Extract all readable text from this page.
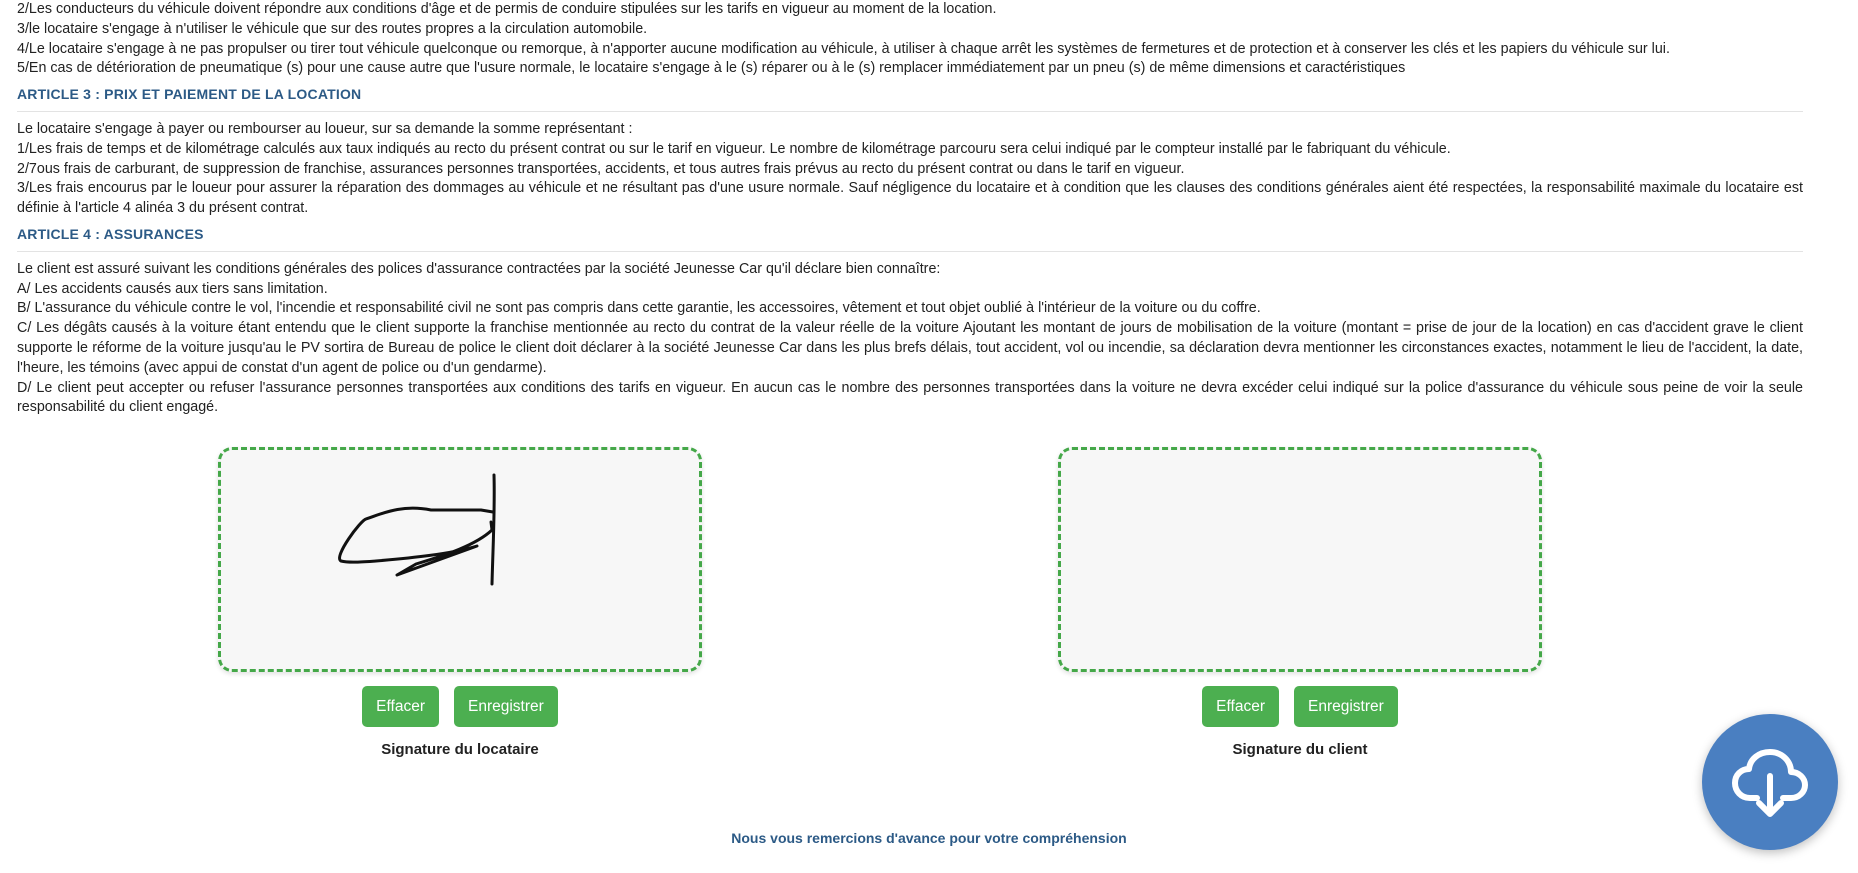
2/Les conducteurs du véhicule doivent répondre aux conditions d'âge et de permis de conduire stipulées sur les tarifs en vigueur au moment de la location.

3/le locataire s'engage à n'utiliser le véhicule que sur des routes propres a la circulation automobile.

4/Le locataire s'engage à ne pas propulser ou tirer tout véhicule quelconque ou remorque, à n'apporter aucune modification au véhicule, à utiliser à chaque arrêt les systèmes de fermetures et de protection et à conserver les clés et les papiers du véhicule sur lui.

5/En cas de détérioration de pneumatique (s) pour une cause autre que l'usure normale, le locataire s'engage à le (s) réparer ou à le (s) remplacer immédiatement par un pneu (s) de même dimensions et caractéristiques

ARTICLE 3 : PRIX ET PAIEMENT DE LA LOCATION

Le locataire s'engage à payer ou rembourser au loueur, sur sa demande la somme représentant :

1/Les frais de temps et de kilométrage calculés aux taux indiqués au recto du présent contrat ou sur le tarif en vigueur. Le nombre de kilométrage parcouru sera celui indiqué par le compteur installé par le fabriquant du véhicule.

2/7ous frais de carburant, de suppression de franchise, assurances personnes transportées, accidents, et tous autres frais prévus au recto du présent contrat ou dans le tarif en vigueur.

3/Les frais encourus par le loueur pour assurer la réparation des dommages au véhicule et ne résultant pas d'une usure normale. Sauf négligence du locataire et à condition que les clauses des conditions générales aient été respectées, la responsabilité maximale du locataire est définie à l'article 4 alinéa 3 du présent contrat.

ARTICLE 4 : ASSURANCES

Le client est assuré suivant les conditions générales des polices d'assurance contractées par la société Jeunesse Car qu'il déclare bien connaître:

A/ Les accidents causés aux tiers sans limitation.

B/ L'assurance du véhicule contre le vol, l'incendie et responsabilité civil ne sont pas compris dans cette garantie, les accessoires, vêtement et tout objet oublié à l'intérieur de la voiture ou du coffre.

C/ Les dégâts causés à la voiture étant entendu que le client supporte la franchise mentionnée au recto du contrat de la valeur réelle de la voiture Ajoutant les montant de jours de mobilisation de la voiture (montant = prise de jour de la location) en cas d'accident grave le client supporte le réforme de la voiture jusqu'au le PV sortira de Bureau de police le client doit déclarer à la société Jeunesse Car dans les plus brefs délais, tout accident, vol ou incendie, sa déclaration devra mentionner les circonstances exactes, notamment le lieu de l'accident, la date, l'heure, les témoins (avec appui de constat d'un agent de police ou d'un gendarme).

D/ Le client peut accepter ou refuser l'assurance personnes transportées aux conditions des tarifs en vigueur. En aucun cas le nombre des personnes transportées dans la voiture ne devra excéder celui indiqué sur la police d'assurance du véhicule sous peine de voir la seule responsabilité du client engagé.

Effacer	Enregistrer
Signature du locataire
Effacer	Enregistrer
Signature du client
Nous vous remercions d'avance pour votre compréhension
